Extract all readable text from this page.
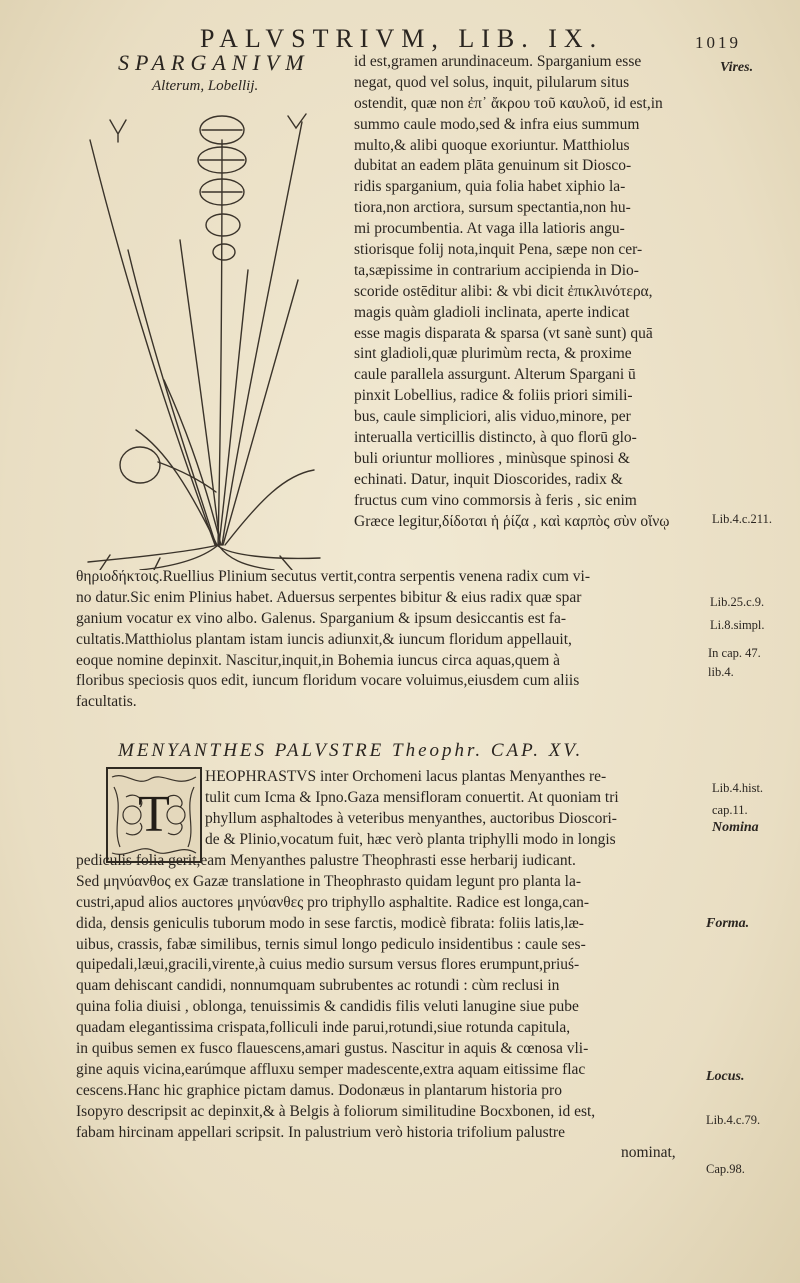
PALVSTRIVM, LIB. IX.	1019
SPARGANIVM
Alterum, Lobellij.
id est,gramen arundinaceum. Sparganium esse
negat, quod vel solus, inquit, pilularum situs
ostendit, quæ non ἐπ᾽ ἄκρου τοῦ καυλοῦ, id est,in
summo caule modo,sed & infra eius summum
multo,& alibi quoque exoriuntur. Matthiolus
dubitat an eadem plāta genuinum sit Diosco-
ridis sparganium, quia folia habet xiphio la-
tiora,non arctiora, sursum spectantia,non hu-
mi procumbentia. At vaga illa latioris angu-
stiorisque folij nota,inquit Pena, sæpe non cer-
ta,sæpissime in contrarium accipienda in Dio-
scoride ostēditur alibi: & vbi dicit ἐπικλινότερα,
magis quàm gladioli inclinata, aperte indicat
esse magis disparata & sparsa (vt sanè sunt) quā
sint gladioli,quæ plurimùm recta, & proxime
caule parallela assurgunt. Alterum Spargani ū
pinxit Lobellius, radice & foliis priori simili-
bus, caule simpliciori, alis viduo,minore, per
interualla verticillis distincto, à quo florū glo-
buli oriuntur molliores , minùsque spinosi &
echinati. Datur, inquit Dioscorides, radix &
fructus cum vino commorsis à feris , sic enim
Græce legitur,δίδοται ἡ ῥίζα , καὶ καρπὸς σὺν οἴνῳ
θηριοδήκτοις.Ruellius Plinium secutus vertit,contra serpentis venena radix cum vi-
no datur.Sic enim Plinius habet. Aduersus serpentes bibitur & eius radix quæ spar
ganium vocatur ex vino albo. Galenus. Sparganium & ipsum desiccantis est fa-
cultatis.Matthiolus plantam istam iuncis adiunxit,& iuncum floridum appellauit,
eoque nomine depinxit. Nascitur,inquit,in Bohemia iuncus circa aquas,quem à
floribus speciosis quos edit, iuncum floridum vocare voluimus,eiusdem cum aliis
facultatis.
MENYANTHES PALVSTRE Theophr. CAP. XV.
T
HEOPHRASTVS inter Orchomeni lacus plantas Menyanthes re-
tulit cum Icma & Ipno.Gaza mensifloram conuertit. At quoniam tri
phyllum asphaltodes à veteribus menyanthes, auctoribus Dioscori-
de & Plinio,vocatum fuit, hæc verò planta triphylli modo in longis
pediculis folia gerit,eam Menyanthes palustre Theophrasti esse herbarij iudicant.
Sed μηνύανθος ex Gazæ translatione in Theophrasto quidam legunt pro planta la-
custri,apud alios auctores μηνύανθες pro triphyllo asphaltite. Radice est longa,can-
dida, densis geniculis tuborum modo in sese farctis, modicè fibrata: foliis latis,læ-
uibus, crassis, fabæ similibus, ternis simul longo pediculo insidentibus : caule ses-
quipedali,læui,gracili,virente,à cuius medio sursum versus flores erumpunt,priuś-
quam dehiscant candidi, nonnumquam subrubentes ac rotundi : cùm reclusi in
quina folia diuisi , oblonga, tenuissimis & candidis filis veluti lanugine siue pube
quadam elegantissima crispata,folliculi inde parui,rotundi,siue rotunda capitula,
in quibus semen ex fusco flauescens,amari gustus. Nascitur in aquis & cœnosa vli-
gine aquis vicina,earúmque affluxu semper madescente,extra aquam eitissime flac
cescens.Hanc hic graphice pictam damus. Dodonæus in plantarum historia pro
Isopyro descripsit ac depinxit,& à Belgis à foliorum similitudine Bocxbonen, id est,
fabam hircinam appellari scripsit. In palustrium verò historia trifolium palustre
nominat,
Vires.
Lib.4.c.211.
Lib.25.c.9.
Li.8.simpl.
In cap. 47.
lib.4.
Lib.4.hist.
cap.11.
Nomina
Forma.
Locus.
Lib.4.c.79.
Cap.98.
